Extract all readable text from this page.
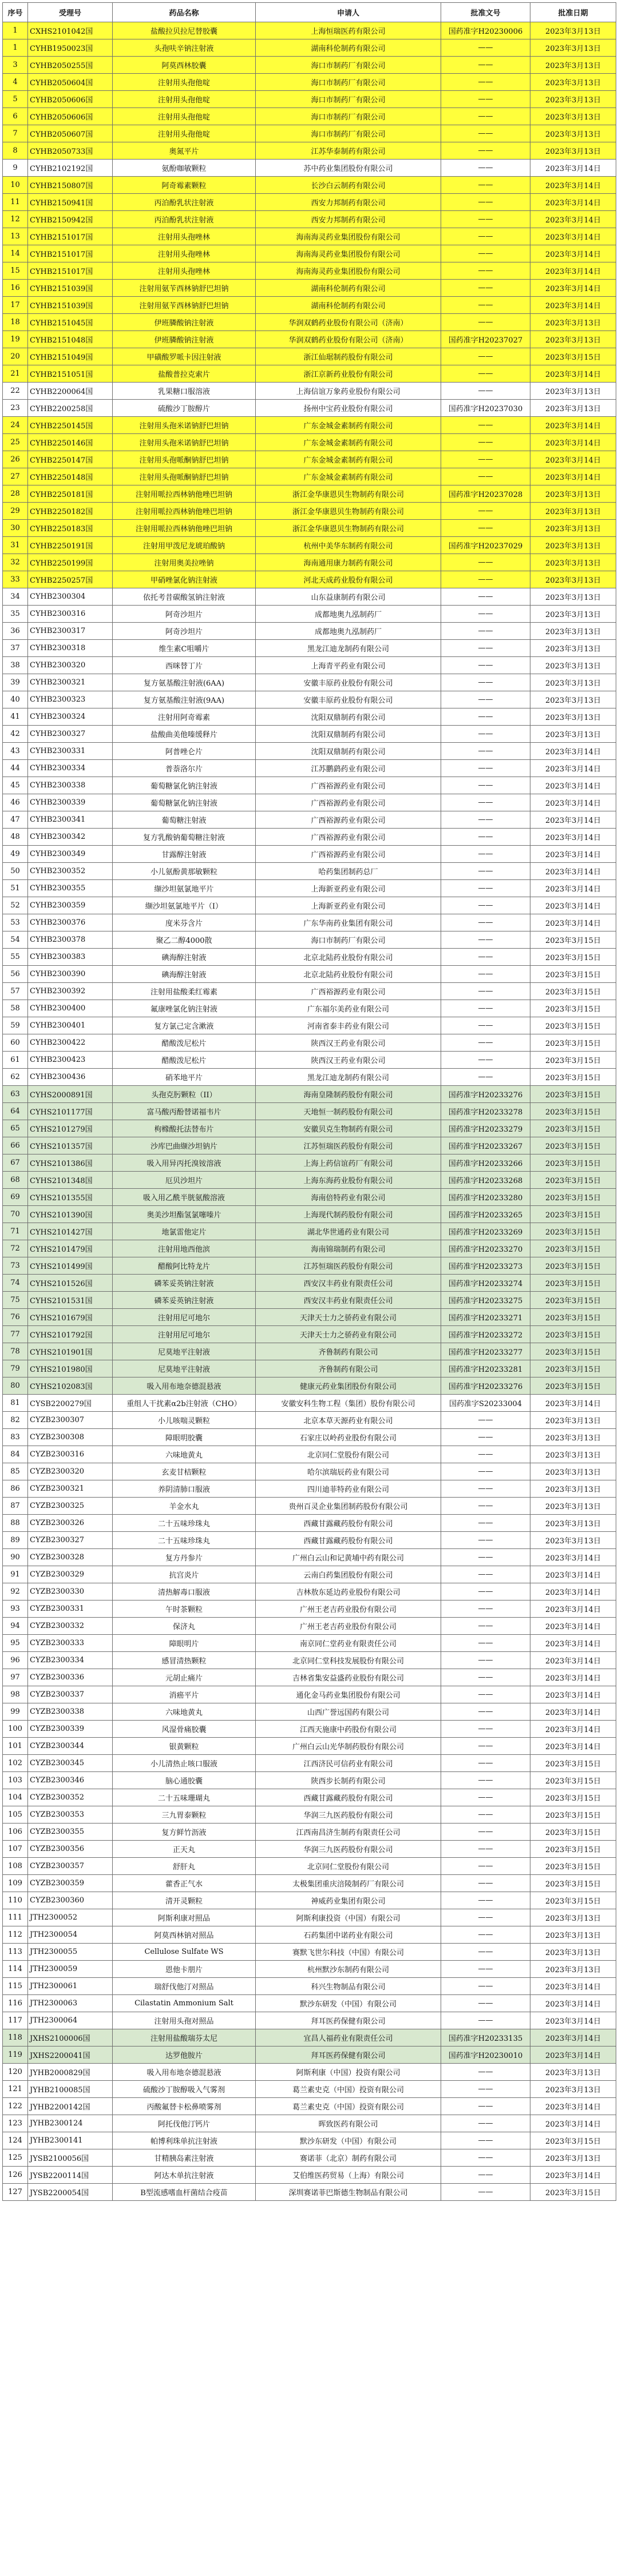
序号	受理号	药品名称	申请人	批准文号	批准日期
1	CXHS2101042国	盐酸拉贝拉尼替胶囊	上海恒瑞医药有限公司	国药准字H20230006	2023年3月13日
1	CYHB1950023国	头孢呋辛钠注射液	湖南科伦制药有限公司	——	2023年3月13日
3	CYHB2050255国	阿莫西林胶囊	海口市制药厂有限公司	——	2023年3月13日
4	CYHB2050604国	注射用头孢他啶	海口市制药厂有限公司	——	2023年3月13日
5	CYHB2050606国	注射用头孢他啶	海口市制药厂有限公司	——	2023年3月13日
6	CYHB2050606国	注射用头孢他啶	海口市制药厂有限公司	——	2023年3月13日
7	CYHB2050607国	注射用头孢他啶	海口市制药厂有限公司	——	2023年3月13日
8	CYHB2050733国	奥氮平片	江苏华泰制药有限公司	——	2023年3月13日
9	CYHB2102192国	氨酚咖敏颗粒	苏中药业集团股份有限公司	——	2023年3月14日
10	CYHB2150807国	阿奇霉素颗粒	长沙白云制药有限公司	——	2023年3月14日
11	CYHB2150941国	丙泊酚乳状注射液	西安力邦制药有限公司	——	2023年3月14日
12	CYHB2150942国	丙泊酚乳状注射液	西安力邦制药有限公司	——	2023年3月14日
13	CYHB2151017国	注射用头孢唑林	海南海灵药业集团股份有限公司	——	2023年3月14日
14	CYHB2151017国	注射用头孢唑林	海南海灵药业集团股份有限公司	——	2023年3月14日
15	CYHB2151017国	注射用头孢唑林	海南海灵药业集团股份有限公司	——	2023年3月14日
16	CYHB2151039国	注射用氨苄西林钠舒巴坦钠	湖南科伦制药有限公司	——	2023年3月14日
17	CYHB2151039国	注射用氨苄西林钠舒巴坦钠	湖南科伦制药有限公司	——	2023年3月14日
18	CYHB2151045国	伊班膦酸钠注射液	华润双鹤药业股份有限公司（济南）	——	2023年3月13日
19	CYHB2151048国	伊班膦酸钠注射液	华润双鹤药业股份有限公司（济南）	国药准字H20237027	2023年3月13日
20	CYHB2151049国	甲磺酸罗哌卡因注射液	浙江仙琚制药股份有限公司	——	2023年3月15日
21	CYHB2151051国	盐酸普拉克索片	浙江京新药业股份有限公司	——	2023年3月14日
22	CYHB2200064国	乳果糖口服溶液	上海信谊万象药业股份有限公司	——	2023年3月13日
23	CYHB2200258国	硫酸沙丁胺醇片	扬州中宝药业股份有限公司	国药准字H20237030	2023年3月13日
24	CYHB2250145国	注射用头孢米诺钠舒巴坦钠	广东金城金素制药有限公司	——	2023年3月14日
25	CYHB2250146国	注射用头孢米诺钠舒巴坦钠	广东金城金素制药有限公司	——	2023年3月14日
26	CYHB2250147国	注射用头孢哌酮钠舒巴坦钠	广东金城金素制药有限公司	——	2023年3月14日
27	CYHB2250148国	注射用头孢哌酮钠舒巴坦钠	广东金城金素制药有限公司	——	2023年3月14日
28	CYHB2250181国	注射用哌拉西林钠他唑巴坦钠	浙江金华康恩贝生物制药有限公司	国药准字H20237028	2023年3月13日
29	CYHB2250182国	注射用哌拉西林钠他唑巴坦钠	浙江金华康恩贝生物制药有限公司	——	2023年3月13日
30	CYHB2250183国	注射用哌拉西林钠他唑巴坦钠	浙江金华康恩贝生物制药有限公司	——	2023年3月13日
31	CYHB2250191国	注射用甲泼尼龙琥珀酸钠	杭州中美华东制药有限公司	国药准字H20237029	2023年3月13日
32	CYHB2250199国	注射用奥美拉唑钠	海南通用康力制药有限公司	——	2023年3月13日
33	CYHB2250257国	甲硝唑氯化钠注射液	河北天成药业股份有限公司	——	2023年3月13日
34	CYHB2300304	依托考昔碳酸氢钠注射液	山东益康制药有限公司	——	2023年3月13日
35	CYHB2300316	阿奇沙坦片	成都地奥九泓制药厂	——	2023年3月13日
36	CYHB2300317	阿奇沙坦片	成都地奥九泓制药厂	——	2023年3月13日
37	CYHB2300318	维生素C咀嚼片	黑龙江迪龙制药有限公司	——	2023年3月13日
38	CYHB2300320	西咪替丁片	上海青平药业有限公司	——	2023年3月13日
39	CYHB2300321	复方氨基酸注射液(6AA)	安徽丰原药业股份有限公司	——	2023年3月13日
40	CYHB2300323	复方氨基酸注射液(9AA)	安徽丰原药业股份有限公司	——	2023年3月13日
41	CYHB2300324	注射用阿奇霉素	沈阳双鼎制药有限公司	——	2023年3月13日
42	CYHB2300327	盐酸曲美他嗪缓释片	沈阳双鼎制药有限公司	——	2023年3月13日
43	CYHB2300331	阿普唑仑片	沈阳双鼎制药有限公司	——	2023年3月14日
44	CYHB2300334	普萘洛尔片	江苏鹏鹞药业有限公司	——	2023年3月14日
45	CYHB2300338	葡萄糖氯化钠注射液	广西裕源药业有限公司	——	2023年3月14日
46	CYHB2300339	葡萄糖氯化钠注射液	广西裕源药业有限公司	——	2023年3月14日
47	CYHB2300341	葡萄糖注射液	广西裕源药业有限公司	——	2023年3月14日
48	CYHB2300342	复方乳酸钠葡萄糖注射液	广西裕源药业有限公司	——	2023年3月14日
49	CYHB2300349	甘露醇注射液	广西裕源药业有限公司	——	2023年3月14日
50	CYHB2300352	小儿氨酚黄那敏颗粒	哈药集团制药总厂	——	2023年3月14日
51	CYHB2300355	缬沙坦氨氯地平片	上海新亚药业有限公司	——	2023年3月14日
52	CYHB2300359	缬沙坦氨氯地平片（I）	上海新亚药业有限公司	——	2023年3月14日
53	CYHB2300376	度米芬含片	广东华南药业集团有限公司	——	2023年3月14日
54	CYHB2300378	聚乙二醇4000散	海口市制药厂有限公司	——	2023年3月15日
55	CYHB2300383	碘海醇注射液	北京北陆药业股份有限公司	——	2023年3月15日
56	CYHB2300390	碘海醇注射液	北京北陆药业股份有限公司	——	2023年3月15日
57	CYHB2300392	注射用盐酸柔红霉素	广西裕源药业有限公司	——	2023年3月15日
58	CYHB2300400	氟康唑氯化钠注射液	广东福尔美药业有限公司	——	2023年3月15日
59	CYHB2300401	复方氯己定含漱液	河南省泰丰药业有限公司	——	2023年3月15日
60	CYHB2300422	醋酸泼尼松片	陕西汉王药业有限公司	——	2023年3月15日
61	CYHB2300423	醋酸泼尼松片	陕西汉王药业有限公司	——	2023年3月15日
62	CYHB2300436	硝苯地平片	黑龙江迪龙制药有限公司	——	2023年3月15日
63	CYHS2000891国	头孢克肟颗粒（II）	海南皇隆制药股份有限公司	国药准字H20233276	2023年3月15日
64	CYHS2101177国	富马酸丙酚替诺福韦片	天地恒一制药股份有限公司	国药准字H20233278	2023年3月15日
65	CYHS2101279国	枸橼酸托法替布片	安徽贝克生物制药有限公司	国药准字H20233279	2023年3月15日
66	CYHS2101357国	沙库巴曲缬沙坦钠片	江苏恒瑞医药股份有限公司	国药准字H20233267	2023年3月15日
67	CYHS2101386国	吸入用异丙托溴铵溶液	上海上药信谊药厂有限公司	国药准字H20233266	2023年3月15日
68	CYHS2101348国	厄贝沙坦片	上海东海药业股份有限公司	国药准字H20233268	2023年3月15日
69	CYHS2101355国	吸入用乙酰半胱氨酸溶液	海南倍特药业有限公司	国药准字H20233280	2023年3月15日
70	CYHS2101390国	奥美沙坦酯氢氯噻嗪片	上海现代制药股份有限公司	国药准字H20233265	2023年3月15日
71	CYHS2101427国	地氯雷他定片	湖北华世通药业有限公司	国药准字H20233269	2023年3月15日
72	CYHS2101479国	注射用地西他滨	海南锦瑞制药有限公司	国药准字H20233270	2023年3月15日
73	CYHS2101499国	醋酸阿比特龙片	江苏恒瑞医药股份有限公司	国药准字H20233273	2023年3月15日
74	CYHS2101526国	磷苯妥英钠注射液	西安汉丰药业有限责任公司	国药准字H20233274	2023年3月15日
75	CYHS2101531国	磷苯妥英钠注射液	西安汉丰药业有限责任公司	国药准字H20233275	2023年3月15日
76	CYHS2101679国	注射用尼可地尔	天津天士力之骄药业有限公司	国药准字H20233271	2023年3月15日
77	CYHS2101792国	注射用尼可地尔	天津天士力之骄药业有限公司	国药准字H20233272	2023年3月15日
78	CYHS2101901国	尼莫地平注射液	齐鲁制药有限公司	国药准字H20233277	2023年3月15日
79	CYHS2101980国	尼莫地平注射液	齐鲁制药有限公司	国药准字H20233281	2023年3月15日
80	CYHS2102083国	吸入用布地奈德混悬液	健康元药业集团股份有限公司	国药准字H20233276	2023年3月15日
81	CYSB2200279国	重组人干扰素α2b注射液（CHO）	安徽安科生物工程（集团）股份有限公司	国药准字S20233004	2023年3月14日
82	CYZB2300307	小儿咳喘灵颗粒	北京本草天源药业有限公司	——	2023年3月13日
83	CYZB2300308	障眼明胶囊	石家庄以岭药业股份有限公司	——	2023年3月13日
84	CYZB2300316	六味地黄丸	北京同仁堂股份有限公司	——	2023年3月13日
85	CYZB2300320	玄麦甘桔颗粒	哈尔滨瑞辰药业有限公司	——	2023年3月13日
86	CYZB2300321	养阴清肺口服液	四川迪菲特药业有限公司	——	2023年3月13日
87	CYZB2300325	羊金水丸	贵州百灵企业集团制药股份有限公司	——	2023年3月13日
88	CYZB2300326	二十五味珍珠丸	西藏甘露藏药股份有限公司	——	2023年3月13日
89	CYZB2300327	二十五味珍珠丸	西藏甘露藏药股份有限公司	——	2023年3月13日
90	CYZB2300328	复方丹参片	广州白云山和记黄埔中药有限公司	——	2023年3月14日
91	CYZB2300329	抗宫炎片	云南白药集团股份有限公司	——	2023年3月14日
92	CYZB2300330	清热解毒口服液	吉林敖东延边药业股份有限公司	——	2023年3月14日
93	CYZB2300331	午时茶颗粒	广州王老吉药业股份有限公司	——	2023年3月14日
94	CYZB2300332	保济丸	广州王老吉药业股份有限公司	——	2023年3月14日
95	CYZB2300333	障眼明片	南京同仁堂药业有限责任公司	——	2023年3月14日
96	CYZB2300334	感冒清热颗粒	北京同仁堂科技发展股份有限公司	——	2023年3月14日
97	CYZB2300336	元胡止痛片	吉林省集安益盛药业股份有限公司	——	2023年3月14日
98	CYZB2300337	消癌平片	通化金马药业集团股份有限公司	——	2023年3月14日
99	CYZB2300338	六味地黄丸	山西广誉远国药有限公司	——	2023年3月14日
100	CYZB2300339	风湿骨痛胶囊	江西天施康中药股份有限公司	——	2023年3月14日
101	CYZB2300344	银黄颗粒	广州白云山光华制药股份有限公司	——	2023年3月14日
102	CYZB2300345	小儿清热止咳口服液	江西济民可信药业有限公司	——	2023年3月15日
103	CYZB2300346	脑心通胶囊	陕西步长制药有限公司	——	2023年3月15日
104	CYZB2300352	二十五味珊瑚丸	西藏甘露藏药股份有限公司	——	2023年3月15日
105	CYZB2300353	三九胃泰颗粒	华润三九医药股份有限公司	——	2023年3月15日
106	CYZB2300355	复方鲜竹沥液	江西南昌济生制药有限责任公司	——	2023年3月15日
107	CYZB2300356	正天丸	华润三九医药股份有限公司	——	2023年3月15日
108	CYZB2300357	舒肝丸	北京同仁堂股份有限公司	——	2023年3月15日
109	CYZB2300359	藿香正气水	太极集团重庆涪陵制药厂有限公司	——	2023年3月15日
110	CYZB2300360	清开灵颗粒	神威药业集团有限公司	——	2023年3月15日
111	JTH2300052	阿斯利康对照品	阿斯利康投资（中国）有限公司	——	2023年3月13日
112	JTH2300054	阿莫西林钠对照品	石药集团中诺药业有限公司	——	2023年3月13日
113	JTH2300055	Cellulose Sulfate WS	赛默飞世尔科技（中国）有限公司	——	2023年3月13日
114	JTH2300059	恩他卡朋片	杭州默沙东制药有限公司	——	2023年3月13日
115	JTH2300061	瑞舒伐他汀对照品	科兴生物制品有限公司	——	2023年3月14日
116	JTH2300063	Cilastatin Ammonium Salt	默沙东研发（中国）有限公司	——	2023年3月14日
117	JTH2300064	注射用头孢对照品	拜耳医药保健有限公司	——	2023年3月14日
118	JXHS2100006国	注射用盐酸瑞芬太尼	宜昌人福药业有限责任公司	国药准字H20233135	2023年3月14日
119	JXHS2200041国	达罗他胺片	拜耳医药保健有限公司	国药准字H20230010	2023年3月14日
120	JYHB2000829国	吸入用布地奈德混悬液	阿斯利康（中国）投资有限公司	——	2023年3月13日
121	JYHB2100085国	硫酸沙丁胺醇吸入气雾剂	葛兰素史克（中国）投资有限公司	——	2023年3月13日
122	JYHB2200142国	丙酸氟替卡松鼻喷雾剂	葛兰素史克（中国）投资有限公司	——	2023年3月14日
123	JYHB2300124	阿托伐他汀钙片	晖致医药有限公司	——	2023年3月14日
124	JYHB2300141	帕博利珠单抗注射液	默沙东研发（中国）有限公司	——	2023年3月15日
125	JYSB2100056国	甘精胰岛素注射液	赛诺菲（北京）制药有限公司	——	2023年3月13日
126	JYSB2200114国	阿达木单抗注射液	艾伯维医药贸易（上海）有限公司	——	2023年3月14日
127	JYSB2200054国	B型流感嗜血杆菌结合疫苗	深圳赛诺菲巴斯德生物制品有限公司	——	2023年3月15日
